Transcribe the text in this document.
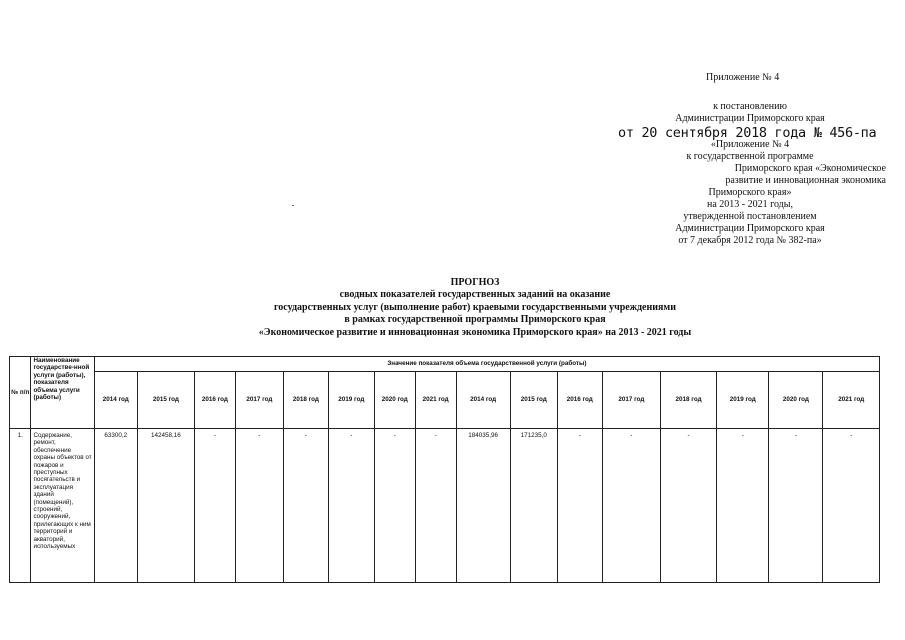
Приложение № 4
к постановлению
Администрации Приморского края
от 20 сентября 2018 года № 456-па
«Приложение № 4
к государственной программе
Приморского края «Экономическое
развитие и инновационная экономика
Приморского края»
на 2013 - 2021 годы,
утвержденной постановлением
Администрации Приморского края
от 7 декабря 2012 года № 382-па»
ПРОГНОЗ
сводных показателей государственных заданий на оказание
государственных услуг (выполнение работ) краевыми государственными учреждениями
в рамках государственной программы Приморского края
«Экономическое развитие и инновационная экономика Приморского края» на 2013 - 2021 годы
№ п/п	Наименование государстве-нной услуги (работы), показателя объема услуги (работы)	Значение показателя объема государственной услуги (работы)															
		2014 год	2015 год	2016 год	2017 год	2018 год	2019 год	2020 год	2021 год	2014 год	2015 год	2016 год	2017 год	2018 год	2019 год	2020 год	2021 год
1.	Содержание, ремонт, обеспечение охраны объектов от пожаров и преступных посягательств и эксплуатация зданий (помещений), строений, сооружений, прилегающих к ним территорий и акваторий, используемых	63300,2	142458,16	-	-	-	-	-	-	184035,96	171235,0	-	-	-	-	-	-
